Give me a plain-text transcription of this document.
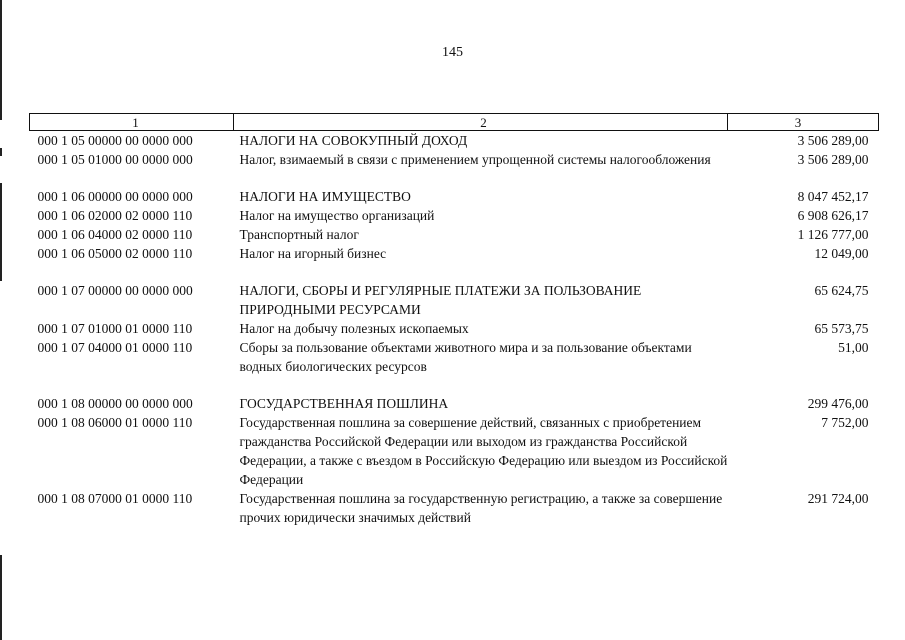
145
1	2	3
000 1 05 00000 00 0000 000	НАЛОГИ НА СОВОКУПНЫЙ ДОХОД	3 506 289,00
000 1 05 01000 00 0000 000	Налог, взимаемый в связи с применением упрощенной системы налогообложения	3 506 289,00

000 1 06 00000 00 0000 000	НАЛОГИ НА ИМУЩЕСТВО	8 047 452,17
000 1 06 02000 02 0000 110	Налог на имущество организаций	6 908 626,17
000 1 06 04000 02 0000 110	Транспортный налог	1 126 777,00
000 1 06 05000 02 0000 110	Налог на игорный бизнес	12 049,00

000 1 07 00000 00 0000 000	НАЛОГИ, СБОРЫ И РЕГУЛЯРНЫЕ ПЛАТЕЖИ ЗА ПОЛЬЗОВАНИЕ ПРИРОДНЫМИ РЕСУРСАМИ	65 624,75
000 1 07 01000 01 0000 110	Налог на добычу полезных ископаемых	65 573,75
000 1 07 04000 01 0000 110	Сборы за пользование объектами животного мира и за пользование объектами водных биологических ресурсов	51,00

000 1 08 00000 00 0000 000	ГОСУДАРСТВЕННАЯ ПОШЛИНА	299 476,00
000 1 08 06000 01 0000 110	Государственная пошлина за совершение действий, связанных с приобретением гражданства Российской Федерации или выходом из гражданства Российской Федерации, а также с въездом в Российскую Федерацию или выездом из Российской Федерации	7 752,00
000 1 08 07000 01 0000 110	Государственная пошлина за государственную регистрацию, а также за совершение прочих юридически значимых действий	291 724,00
